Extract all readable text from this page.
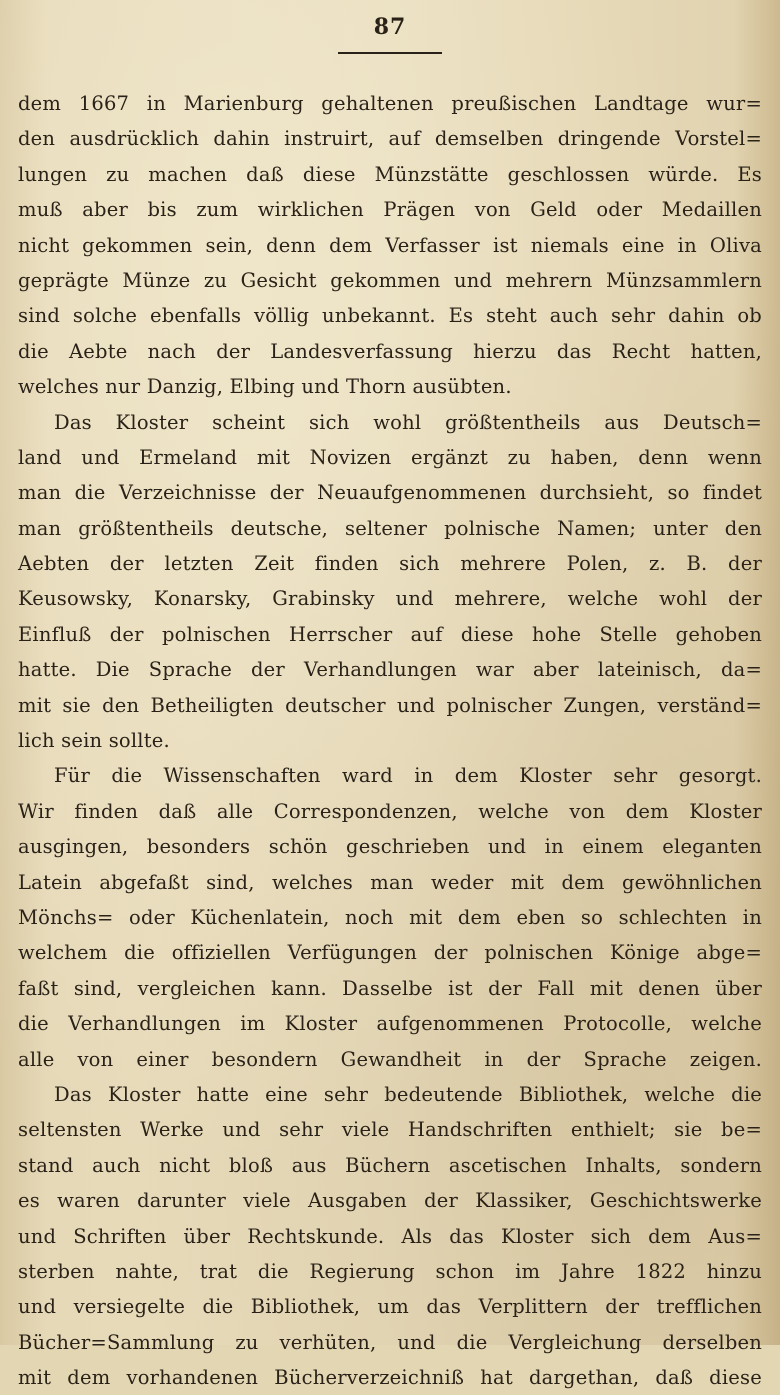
87
dem 1667 in Marienburg gehaltenen preußischen Landtage wur=
den ausdrücklich dahin instruirt, auf demselben dringende Vorstel=
lungen zu machen daß diese Münzstätte geschlossen würde. Es
muß aber bis zum wirklichen Prägen von Geld oder Medaillen
nicht gekommen sein, denn dem Verfasser ist niemals eine in Oliva
geprägte Münze zu Gesicht gekommen und mehrern Münzsammlern
sind solche ebenfalls völlig unbekannt. Es steht auch sehr dahin ob
die Aebte nach der Landesverfassung hierzu das Recht hatten,
welches nur Danzig, Elbing und Thorn ausübten.
Das Kloster scheint sich wohl größtentheils aus Deutsch=
land und Ermeland mit Novizen ergänzt zu haben, denn wenn
man die Verzeichnisse der Neuaufgenommenen durchsieht, so findet
man größtentheils deutsche, seltener polnische Namen; unter den
Aebten der letzten Zeit finden sich mehrere Polen, z. B. der
Keusowsky, Konarsky, Grabinsky und mehrere, welche wohl der
Einfluß der polnischen Herrscher auf diese hohe Stelle gehoben
hatte. Die Sprache der Verhandlungen war aber lateinisch, da=
mit sie den Betheiligten deutscher und polnischer Zungen, verständ=
lich sein sollte.
Für die Wissenschaften ward in dem Kloster sehr gesorgt.
Wir finden daß alle Correspondenzen, welche von dem Kloster
ausgingen, besonders schön geschrieben und in einem eleganten
Latein abgefaßt sind, welches man weder mit dem gewöhnlichen
Mönchs= oder Küchenlatein, noch mit dem eben so schlechten in
welchem die offiziellen Verfügungen der polnischen Könige abge=
faßt sind, vergleichen kann. Dasselbe ist der Fall mit denen über
die Verhandlungen im Kloster aufgenommenen Protocolle, welche
alle von einer besondern Gewandheit in der Sprache zeigen.
Das Kloster hatte eine sehr bedeutende Bibliothek, welche die
seltensten Werke und sehr viele Handschriften enthielt; sie be=
stand auch nicht bloß aus Büchern ascetischen Inhalts, sondern
es waren darunter viele Ausgaben der Klassiker, Geschichtswerke
und Schriften über Rechtskunde. Als das Kloster sich dem Aus=
sterben nahte, trat die Regierung schon im Jahre 1822 hinzu
und versiegelte die Bibliothek, um das Verplittern der trefflichen
Bücher=Sammlung zu verhüten, und die Vergleichung derselben
mit dem vorhandenen Bücherverzeichniß hat dargethan, daß diese
